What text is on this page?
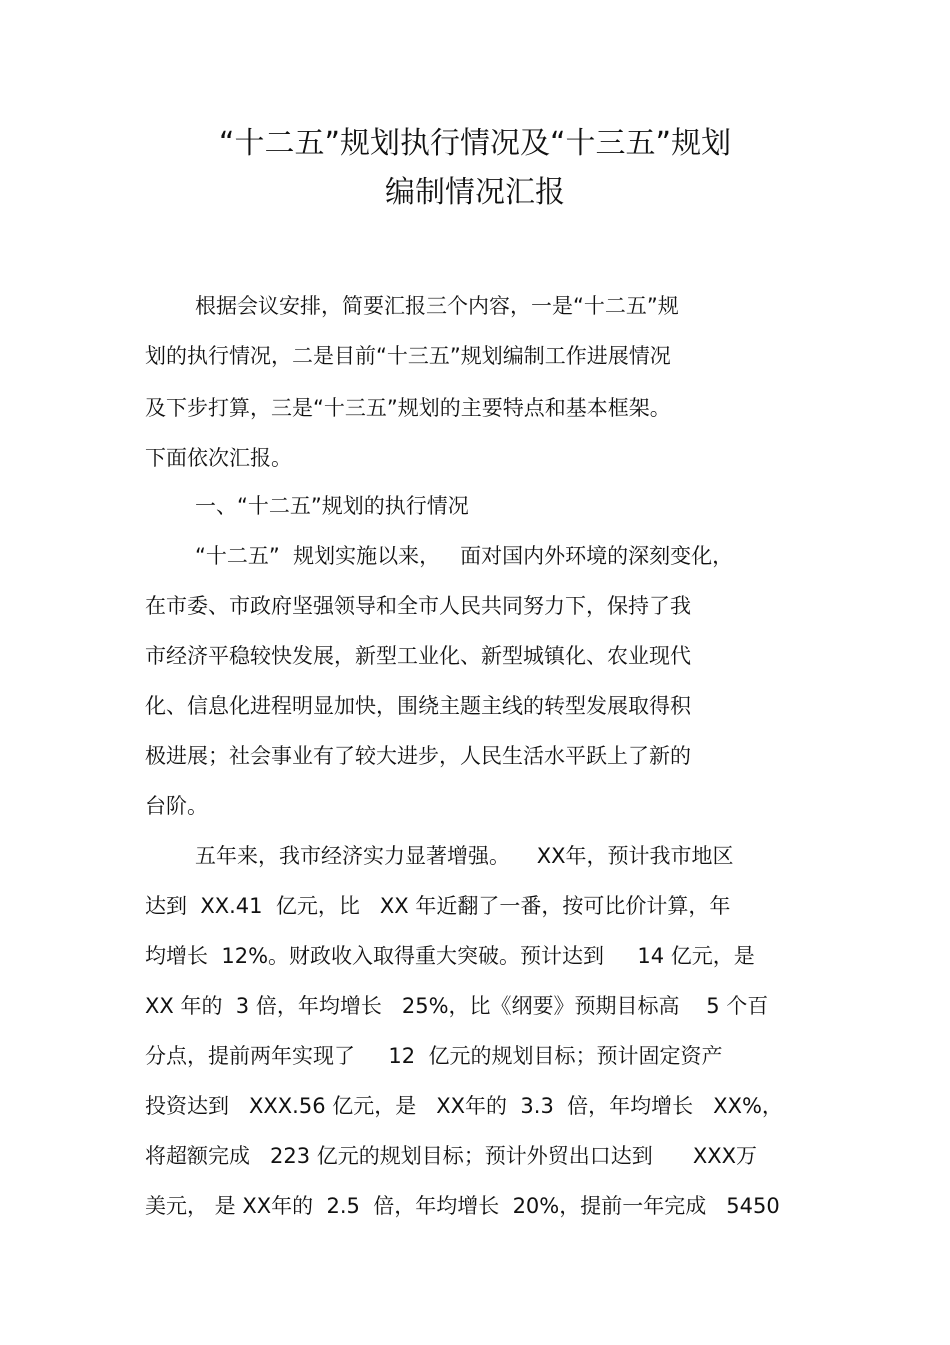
“十二五”规划执行情况及“十三五”规划
编制情况汇报

根据会议安排，简要汇报三个内容，一是“十二五”规

划的执行情况，二是目前“十三五”规划编制工作进展情况

及下步打算，三是“十三五”规划的主要特点和基本框架。

下面依次汇报。

一、“十二五”规划的执行情况

“十二五”  规划实施以来，   面对国内外环境的深刻变化，

在市委、市政府坚强领导和全市人民共同努力下，保持了我

市经济平稳较快发展，新型工业化、新型城镇化、农业现代

化、信息化进程明显加快，围绕主题主线的转型发展取得积

极进展；社会事业有了较大进步，人民生活水平跃上了新的

台阶。

五年来，我市经济实力显著增强。    XX年，预计我市地区

达到  XX.41  亿元，比   XX 年近翻了一番，按可比价计算，年

均增长  12%。财政收入取得重大突破。预计达到     14 亿元，是

XX 年的  3 倍，年均增长   25%，比《纲要》预期目标高    5 个百

分点，提前两年实现了     12  亿元的规划目标；预计固定资产

投资达到   XXX.56 亿元，是   XX年的  3.3  倍，年均增长   XX%，

将超额完成   223 亿元的规划目标；预计外贸出口达到      XXX万

美元， 是 XX年的  2.5  倍，年均增长  20%，提前一年完成   5450
